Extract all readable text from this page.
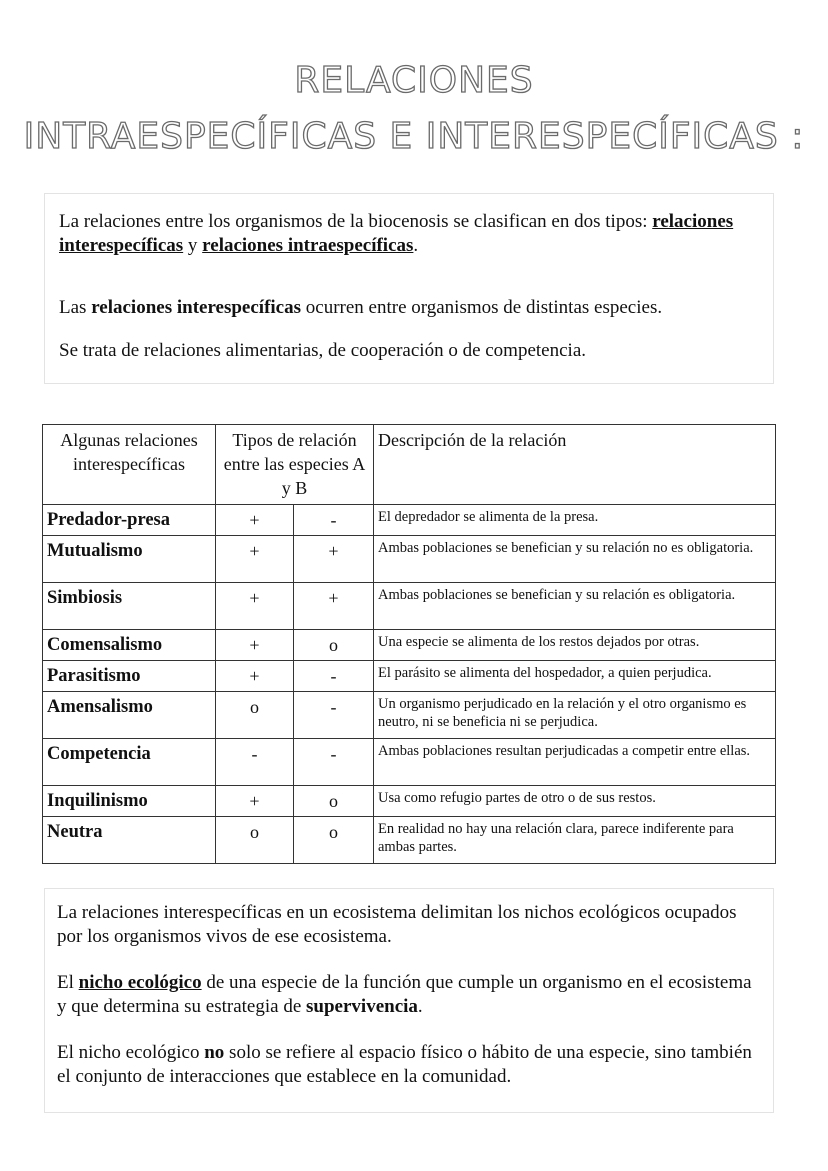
RELACIONES
INTRAESPECÍFICAS E INTERESPECÍFICAS :

La relaciones entre los organismos de la biocenosis se clasifican en dos tipos: relaciones interespecíficas y relaciones intraespecíficas.

Las relaciones interespecíficas ocurren entre organismos de distintas especies.

Se trata de relaciones alimentarias, de cooperación o de competencia.

Algunas relaciones interespecíficas	Tipos de relación entre las especies A y B		Descripción de la relación
Predador-presa	+	-	El depredador se alimenta de la presa.
Mutualismo	+	+	Ambas poblaciones se benefician y su relación no es obligatoria.
Simbiosis	+	+	Ambas poblaciones se benefician y su relación es obligatoria.
Comensalismo	+	o	Una especie se alimenta de los restos dejados por otras.
Parasitismo	+	-	El parásito se alimenta del hospedador, a quien perjudica.
Amensalismo	o	-	Un organismo perjudicado en la relación y el otro organismo es neutro, ni se beneficia ni se perjudica.
Competencia	-	-	Ambas poblaciones resultan perjudicadas a competir entre ellas.
Inquilinismo	+	o	Usa como refugio partes de otro o de sus restos.
Neutra	o	o	En realidad no hay una relación clara, parece indiferente para ambas partes.

La relaciones interespecíficas en un ecosistema delimitan los nichos ecológicos ocupados por los organismos vivos de ese ecosistema.

El nicho ecológico de una especie de la función que cumple un organismo en el ecosistema y que determina su estrategia de supervivencia.

El nicho ecológico no solo se refiere al espacio físico o hábito de una especie, sino también el conjunto de interacciones que establece en la comunidad.
